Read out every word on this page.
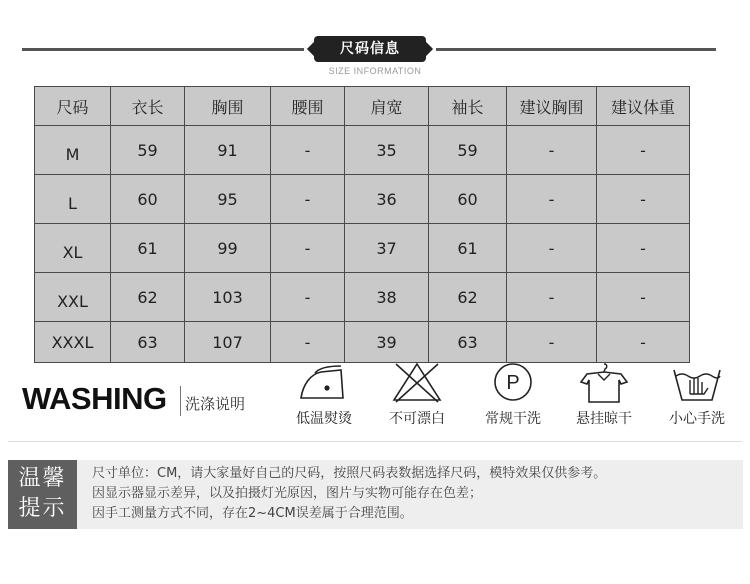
尺码信息
SIZE INFORMATION
尺码	衣长	胸围	腰围	肩宽	袖长	建议胸围	建议体重
M	59	91	-	35	59	-	-
L	60	95	-	36	60	-	-
XL	61	99	-	37	61	-	-
XXL	62	103	-	38	62	-	-
XXXL	63	107	-	39	63	-	-
WASHING 洗涤说明
低温熨烫	不可漂白
P
常规干洗	悬挂晾干	小心手洗
温馨
提示
尺寸单位：CM，请大家量好自己的尺码，按照尺码表数据选择尺码，模特效果仅供参考。
因显示器显示差异，以及拍摄灯光原因，图片与实物可能存在色差；
因手工测量方式不同，存在2~4CM误差属于合理范围。
